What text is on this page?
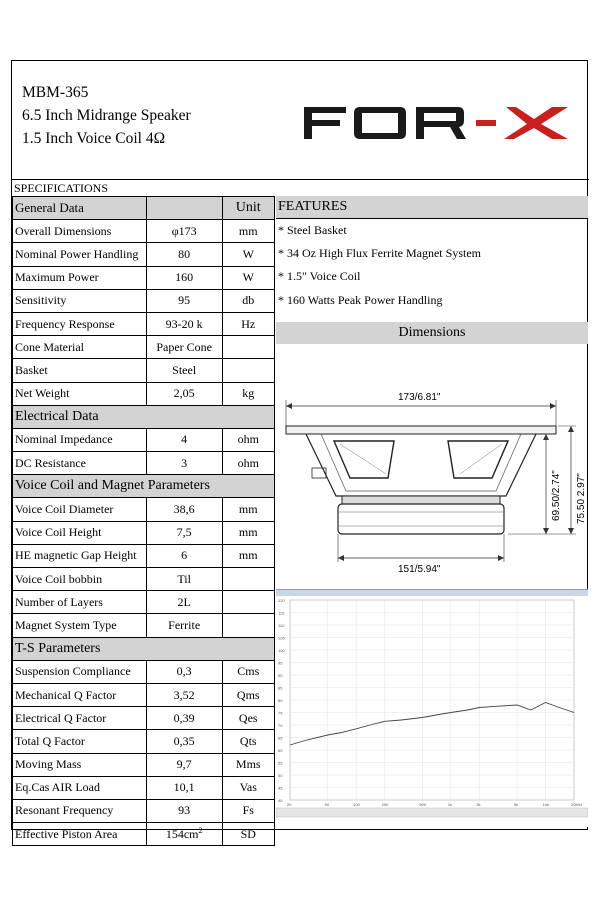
MBM-365
6.5 Inch Midrange Speaker
1.5 Inch Voice Coil 4Ω
SPECIFICATIONS
General Data		Unit
Overall Dimensions	φ173	mm
Nominal Power Handling	80	W
Maximum Power	160	W
Sensitivity	95	db
Frequency Response	93-20 k	Hz
Cone Material	Paper Cone	
Basket	Steel	
Net Weight	2,05	kg
Electrical Data		
Nominal Impedance	4	ohm
DC Resistance	3	ohm
Voice Coil and Magnet Parameters		
Voice Coil Diameter	38,6	mm
Voice Coil Height	7,5	mm
HE magnetic Gap Height	6	mm
Voice Coil bobbin	Til	
Number of Layers	2L	
Magnet System Type	Ferrite	
T-S Parameters		
Suspension Compliance	0,3	Cms
Mechanical Q Factor	3,52	Qms
Electrical Q Factor	0,39	Qes
Total Q Factor	0,35	Qts
Moving Mass	9,7	Mms
Eq.Cas AIR Load	10,1	Vas
Resonant Frequency	93	Fs
Effective Piston Area	$154cm^2$	SD
FEATURES
* Steel Basket
* 34 Oz High Flux Ferrite Magnet System
* 1.5" Voice Coil
* 160 Watts Peak Power Handling
Dimensions
173/6.81"
151/5.94"
69.50/2.74" 75.50 2.97"
120
115
110
105
100
95
90
85
80
75
70
65
60
55
50
45
40
20	50	100	200	500	1k	2k	5k	10k	20kHz
